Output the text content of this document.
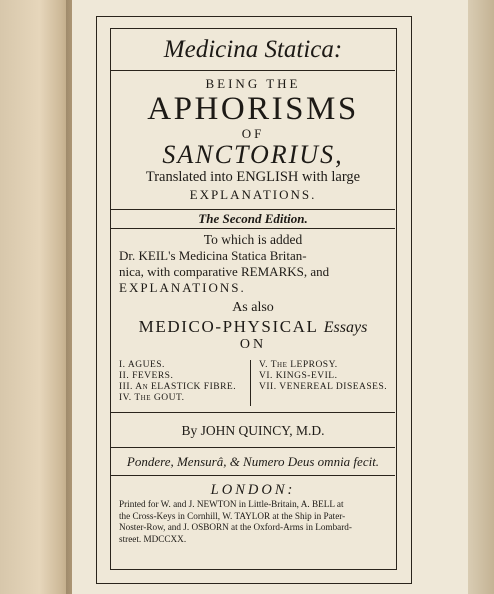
Medicina Statica:
BEING THE
APHORISMS
OF
SANCTORIUS,
Translated into ENGLISH with large
EXPLANATIONS.
The Second Edition.
To which is added
Dr. KEIL's Medicina Statica Britan-
nica, with comparative REMARKS, and
EXPLANATIONS.
As also
MEDICO-PHYSICAL Essays
ON
I. AGUES.
II. FEVERS.
III. An ELASTICK FIBRE.
IV. The GOUT.
V. The LEPROSY.
VI. KINGS-EVIL.
VII. VENEREAL DISEASES.
By JOHN QUINCY, M.D.
Pondere, Mensurâ, & Numero Deus omnia fecit.
LONDON:
Printed for W. and J. NEWTON in Little-Britain, A. BELL at
the Cross-Keys in Cornhill, W. TAYLOR at the Ship in Pater-
Noster-Row, and J. OSBORN at the Oxford-Arms in Lombard-
street. MDCCXX.
